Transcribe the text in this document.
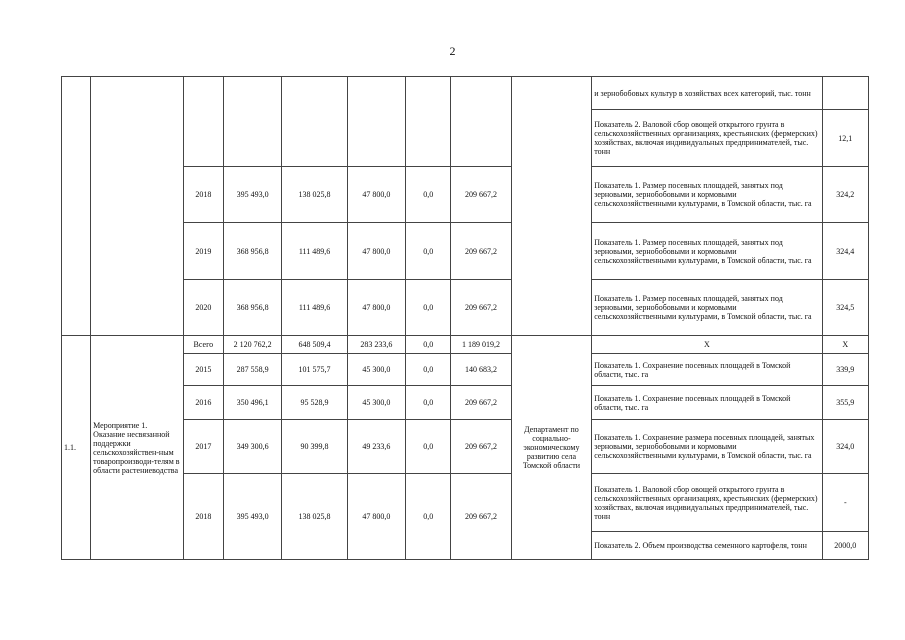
2
									и зернобобовых культур в хозяйствах всех категорий, тыс. тонн	
									Показатель 2. Валовой сбор овощей открытого грунта в сельскохозяйственных организациях, крестьянских (фермерских) хозяйствах, включая индивидуальных предпринимателей, тыс. тонн	12,1
		2018	395 493,0	138 025,8	47 800,0	0,0	209 667,2		Показатель 1. Размер посевных площадей, занятых под зерновыми, зернобобовыми и кормовыми сельскохозяйственными культурами, в Томской области, тыс. га	324,2
		2019	368 956,8	111 489,6	47 800,0	0,0	209 667,2		Показатель 1. Размер посевных площадей, занятых под зерновыми, зернобобовыми и кормовыми сельскохозяйственными культурами, в Томской области, тыс. га	324,4
		2020	368 956,8	111 489,6	47 800,0	0,0	209 667,2		Показатель 1. Размер посевных площадей, занятых под зерновыми, зернобобовыми и кормовыми сельскохозяйственными культурами, в Томской области, тыс. га	324,5
1.1.	Мероприятие 1. Оказание несвязанной поддержки сельскохозяйствен-ным товаропроизводи-телям в области растениеводства	Всего	2 120 762,2	648 509,4	283 233,6	0,0	1 189 019,2	Департамент по социально-экономическому развитию села Томской области	X	X
		2015	287 558,9	101 575,7	45 300,0	0,0	140 683,2		Показатель 1. Сохранение посевных площадей в Томской области, тыс. га	339,9
		2016	350 496,1	95 528,9	45 300,0	0,0	209 667,2		Показатель 1. Сохранение посевных площадей в Томской области, тыс. га	355,9
		2017	349 300,6	90 399,8	49 233,6	0,0	209 667,2		Показатель 1. Сохранение размера посевных площадей, занятых зерновыми, зернобобовыми и кормовыми сельскохозяйственными культурами, в Томской области, тыс. га	324,0
		2018	395 493,0	138 025,8	47 800,0	0,0	209 667,2		Показатель 1. Валовой сбор овощей открытого грунта в сельскохозяйственных организациях, крестьянских (фермерских) хозяйствах, включая индивидуальных предпринимателей, тыс. тонн	-
									Показатель 2. Объем производства семенного картофеля, тонн	2000,0
